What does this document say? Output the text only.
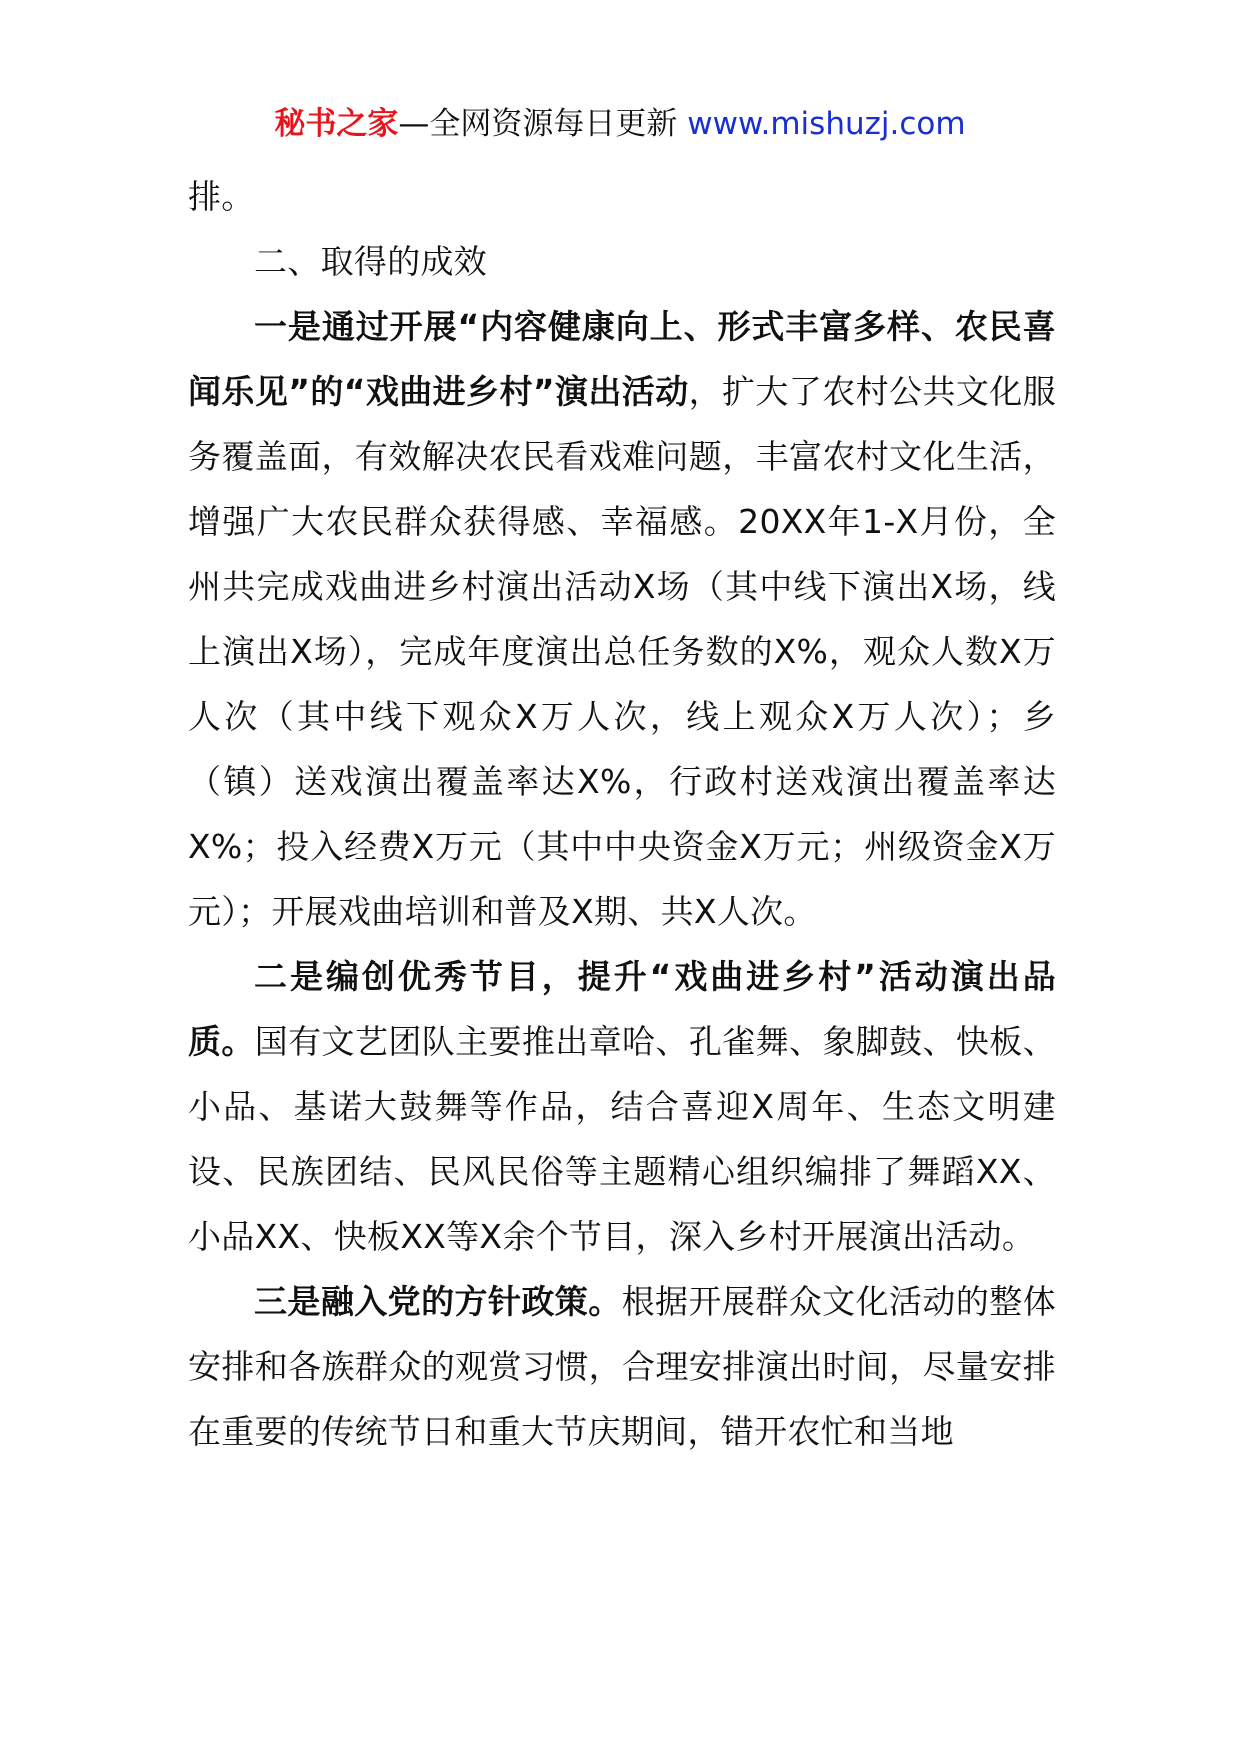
秘书之家—全网资源每日更新 www.mishuzj.com

排。

二、取得的成效

一是通过开展“内容健康向上、形式丰富多样、农民喜闻乐见”的“戏曲进乡村”演出活动，扩大了农村公共文化服务覆盖面，有效解决农民看戏难问题，丰富农村文化生活，增强广大农民群众获得感、幸福感。20XX年1-X月份，全州共完成戏曲进乡村演出活动X场（其中线下演出X场，线上演出X场），完成年度演出总任务数的X%，观众人数X万人次（其中线下观众X万人次，线上观众X万人次）；乡（镇）送戏演出覆盖率达X%，行政村送戏演出覆盖率达X%；投入经费X万元（其中中央资金X万元；州级资金X万元）；开展戏曲培训和普及X期、共X人次。

二是编创优秀节目，提升“戏曲进乡村”活动演出品质。国有文艺团队主要推出章哈、孔雀舞、象脚鼓、快板、小品、基诺大鼓舞等作品，结合喜迎X周年、生态文明建设、民族团结、民风民俗等主题精心组织编排了舞蹈XX、小品XX、快板XX等X余个节目，深入乡村开展演出活动。

三是融入党的方针政策。根据开展群众文化活动的整体安排和各族群众的观赏习惯，合理安排演出时间，尽量安排在重要的传统节日和重大节庆期间，错开农忙和当地
